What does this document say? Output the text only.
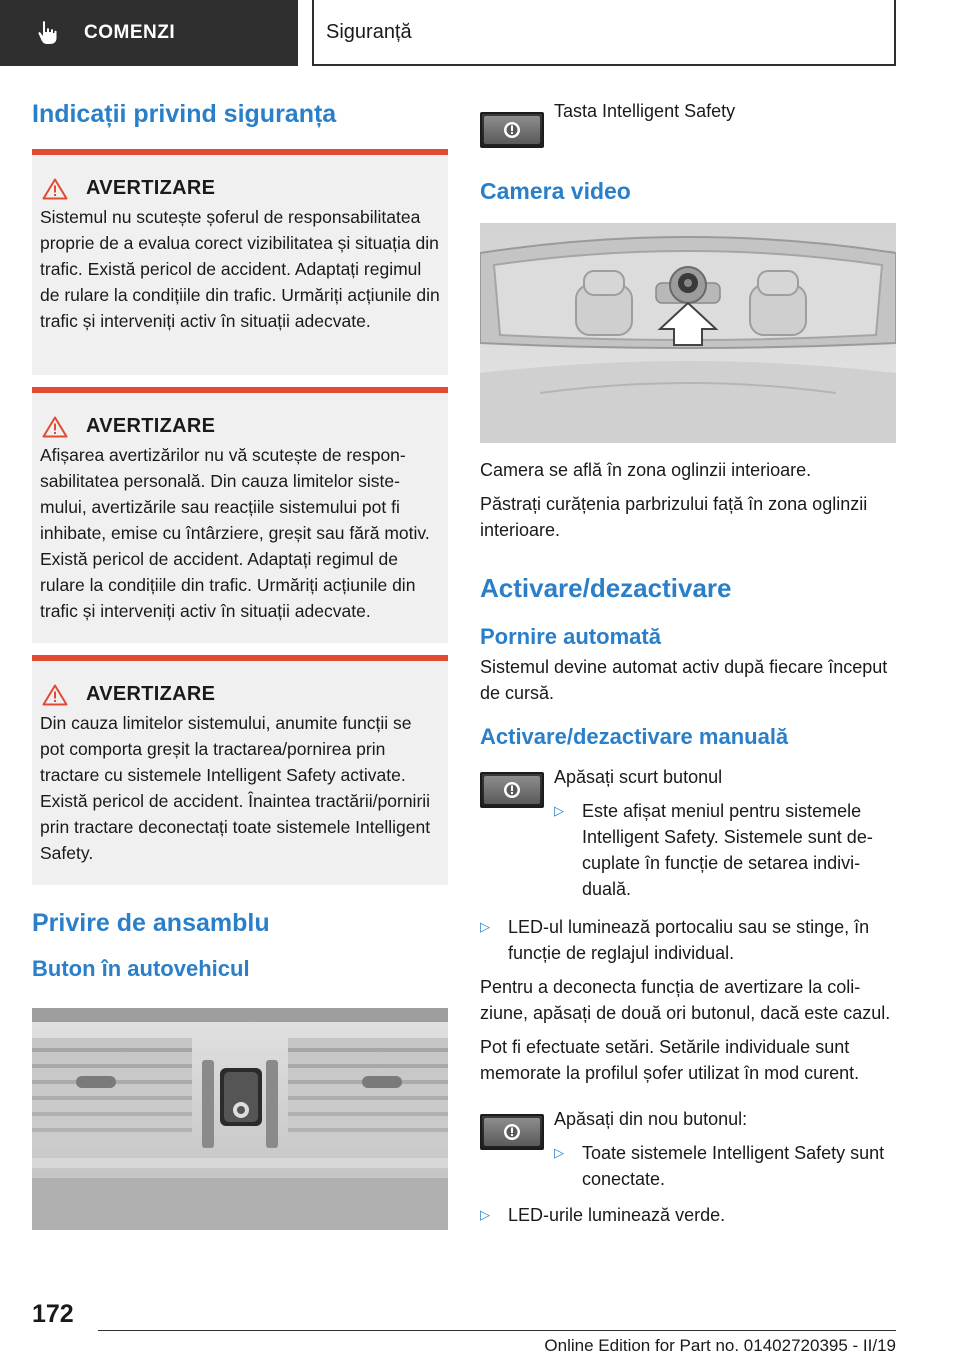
COMENZI	Siguranță
Indicații privind siguranța
AVERTIZARE
Sistemul nu scutește șoferul de responsabilitatea proprie de a evalua corect vizibilitatea și situația din trafic. Există pericol de accident. Adaptați regimul de rulare la condițiile din trafic. Urmăriți acțiunile din trafic și interveniți activ în situații adecvate.
AVERTIZARE
Afișarea avertizărilor nu vă scutește de responsabilitatea personală. Din cauza limitelor sistemului, avertizările sau reacțiile sistemului pot fi inhibate, emise cu întârziere, greșit sau fără motiv. Există pericol de accident. Adaptați regimul de rulare la condițiile din trafic. Urmăriți acțiunile din trafic și interveniți activ în situații adecvate.
AVERTIZARE
Din cauza limitelor sistemului, anumite funcții se pot comporta greșit la tractarea/pornirea prin tractare cu sistemele Intelligent Safety activate. Există pericol de accident. Înaintea tractării/pornirii prin tractare deconectați toate sistemele Intelligent Safety.
Privire de ansamblu
Buton în autovehicul
Tasta Intelligent Safety
Camera video

Camera se află în zona oglinzii interioare.

Păstrați curățenia parbrizului față în zona oglinzii interioare.

Activare/dezactivare
Pornire automată

Sistemul devine automat activ după fiecare început de cursă.

Activare/dezactivare manuală

Apăsați scurt butonul

▷	Este afișat meniul pentru sistemele Intelligent Safety. Sistemele sunt decuplate în funcție de setarea individuală.
▷	LED-ul luminează portocaliu sau se stinge, în funcție de reglajul individual.

Pentru a deconecta funcția de avertizare la coliziune, apăsați de două ori butonul, dacă este cazul.

Pot fi efectuate setări. Setările individuale sunt memorate la profilul șofer utilizat în mod curent.

Apăsați din nou butonul:

▷	Toate sistemele Intelligent Safety sunt conectate.
▷	LED-urile luminează verde.
172
Online Edition for Part no. 01402720395 - II/19
